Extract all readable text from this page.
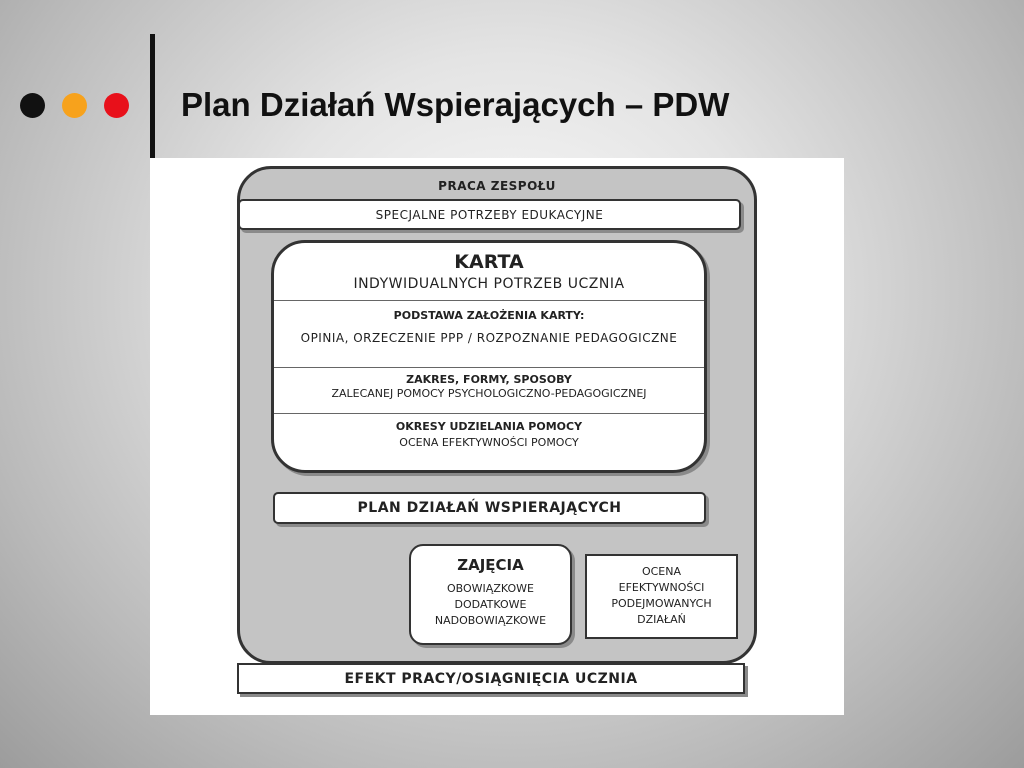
Plan Działań Wspierających – PDW
PRACA ZESPOŁU
SPECJALNE POTRZEBY EDUKACYJNE
KARTA
INDYWIDUALNYCH POTRZEB UCZNIA
PODSTAWA ZAŁOŻENIA KARTY:
OPINIA, ORZECZENIE PPP / ROZPOZNANIE PEDAGOGICZNE
ZAKRES, FORMY, SPOSOBY
ZALECANEJ POMOCY PSYCHOLOGICZNO-PEDAGOGICZNEJ
OKRESY UDZIELANIA POMOCY
OCENA EFEKTYWNOŚCI POMOCY
PLAN DZIAŁAŃ WSPIERAJĄCYCH
ZAJĘCIA
OBOWIĄZKOWE
DODATKOWE
NADOBOWIĄZKOWE
OCENA
EFEKTYWNOŚCI
PODEJMOWANYCH
DZIAŁAŃ
EFEKT PRACY/OSIĄGNIĘCIA UCZNIA
